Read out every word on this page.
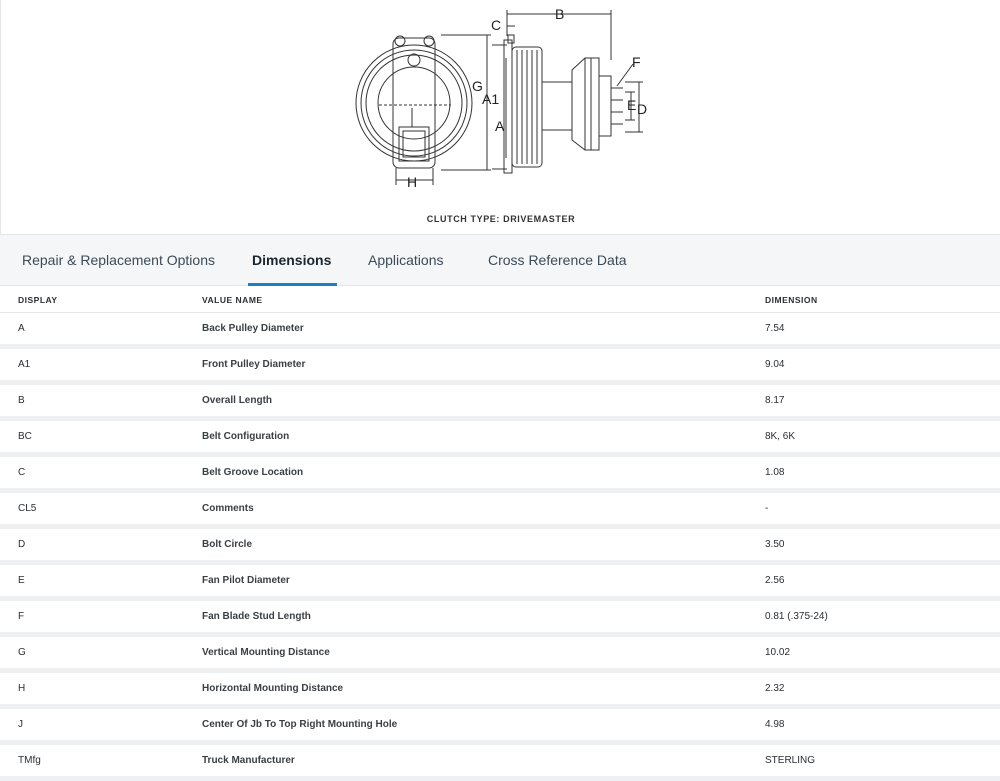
C
B
F
G
A1
A
E D
H
CLUTCH TYPE: DRIVEMASTER
Repair & Replacement Options	Dimensions	Applications	Cross Reference Data
DISPLAY	VALUE NAME	DIMENSION
A	Back Pulley Diameter	7.54
A1	Front Pulley Diameter	9.04
B	Overall Length	8.17
BC	Belt Configuration	8K, 6K
C	Belt Groove Location	1.08
CL5	Comments	-
D	Bolt Circle	3.50
E	Fan Pilot Diameter	2.56
F	Fan Blade Stud Length	0.81 (.375-24)
G	Vertical Mounting Distance	10.02
H	Horizontal Mounting Distance	2.32
J	Center Of Jb To Top Right Mounting Hole	4.98
TMfg	Truck Manufacturer	STERLING
